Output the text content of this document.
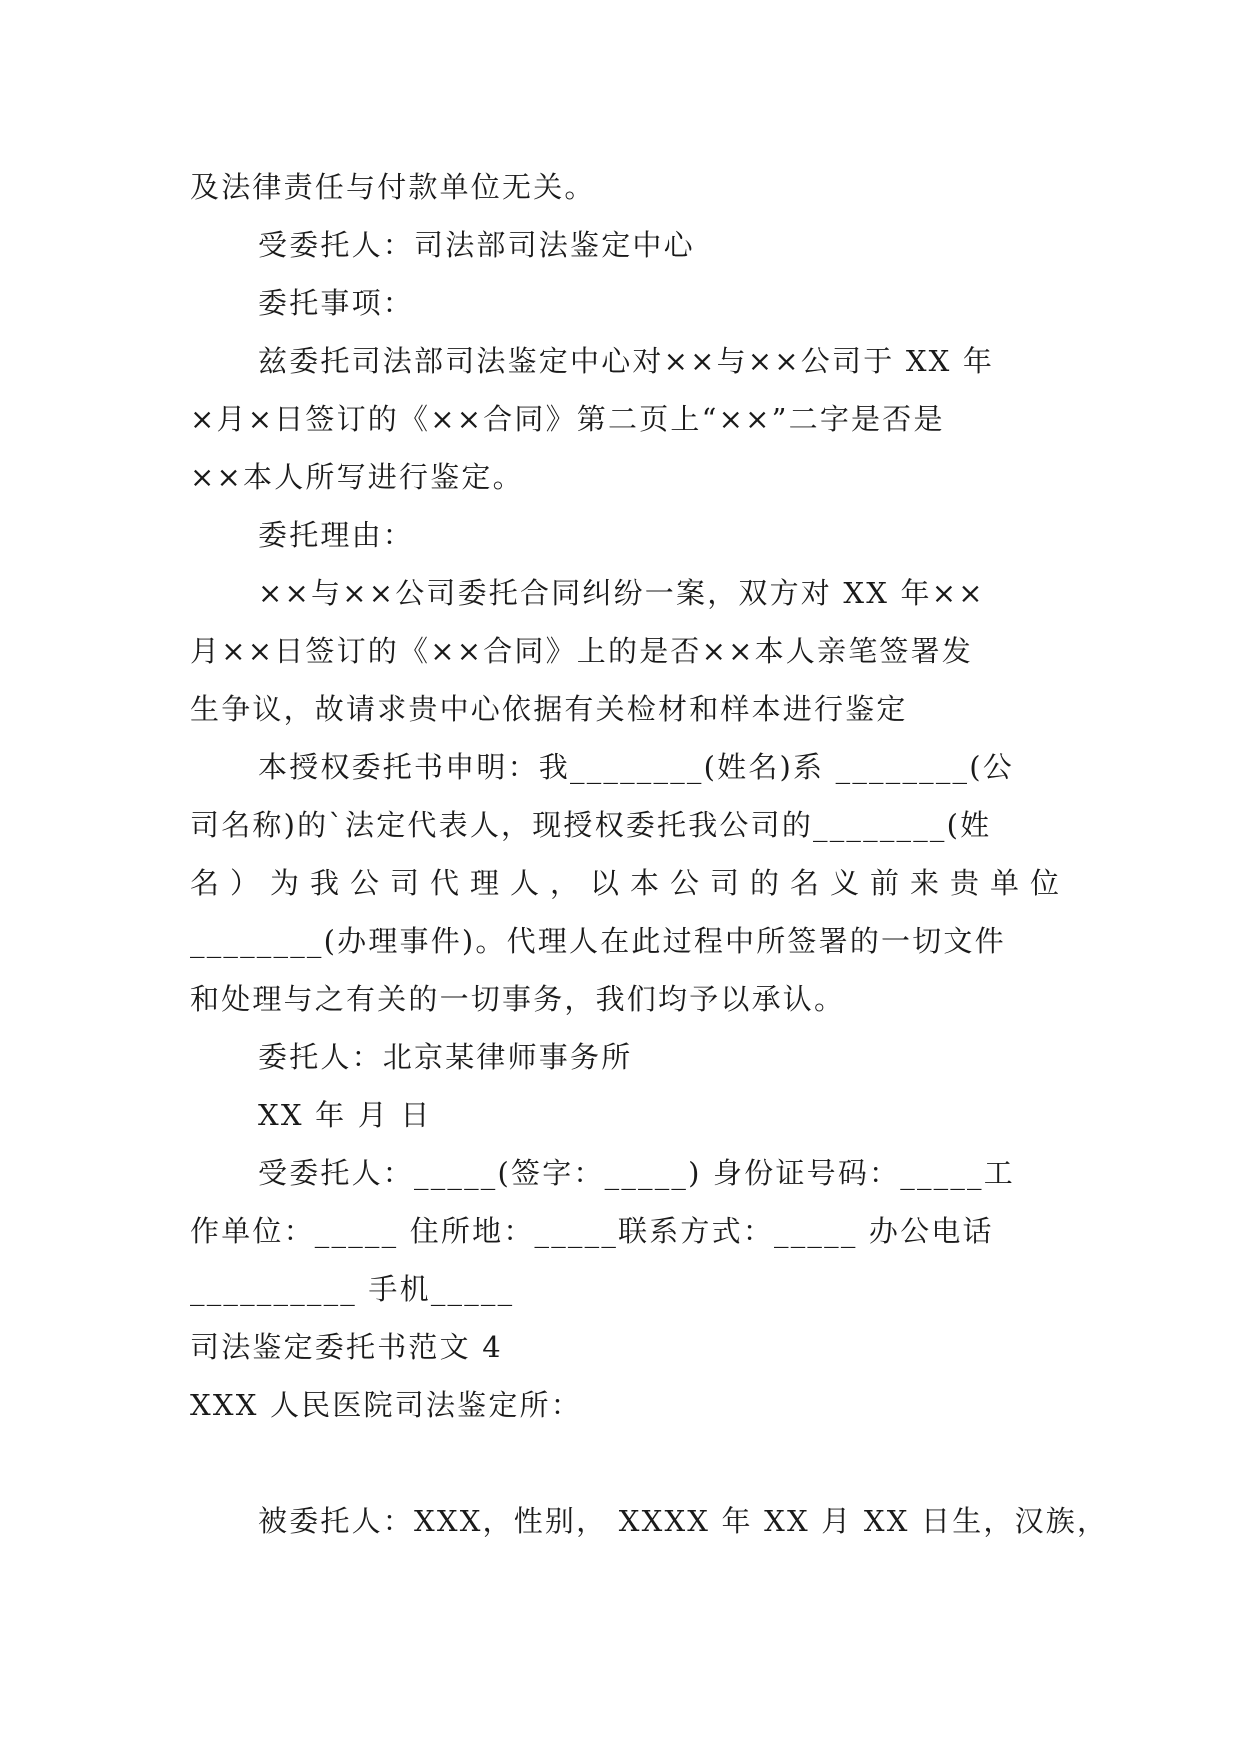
及法律责任与付款单位无关。
受委托人：司法部司法鉴定中心
委托事项：
兹委托司法部司法鉴定中心对××与××公司于 XX 年
×月×日签订的《××合同》第二页上“××”二字是否是
××本人所写进行鉴定。
委托理由：
××与××公司委托合同纠纷一案，双方对 XX 年××
月××日签订的《××合同》上的是否××本人亲笔签署发
生争议，故请求贵中心依据有关检材和样本进行鉴定
本授权委托书申明：我________(姓名)系 ________(公
司名称)的`法定代表人，现授权委托我公司的________(姓
名）为我公司代理人，以本公司的名义前来贵单位
________(办理事件)。代理人在此过程中所签署的一切文件
和处理与之有关的一切事务，我们均予以承认。
委托人：北京某律师事务所
XX 年 月 日
受委托人：_____(签字：_____) 身份证号码：_____工
作单位：_____ 住所地：_____联系方式：_____ 办公电话
__________ 手机_____
司法鉴定委托书范文 4
XXX 人民医院司法鉴定所：
被委托人：XXX，性别， XXXX 年 XX 月 XX 日生，汉族，
